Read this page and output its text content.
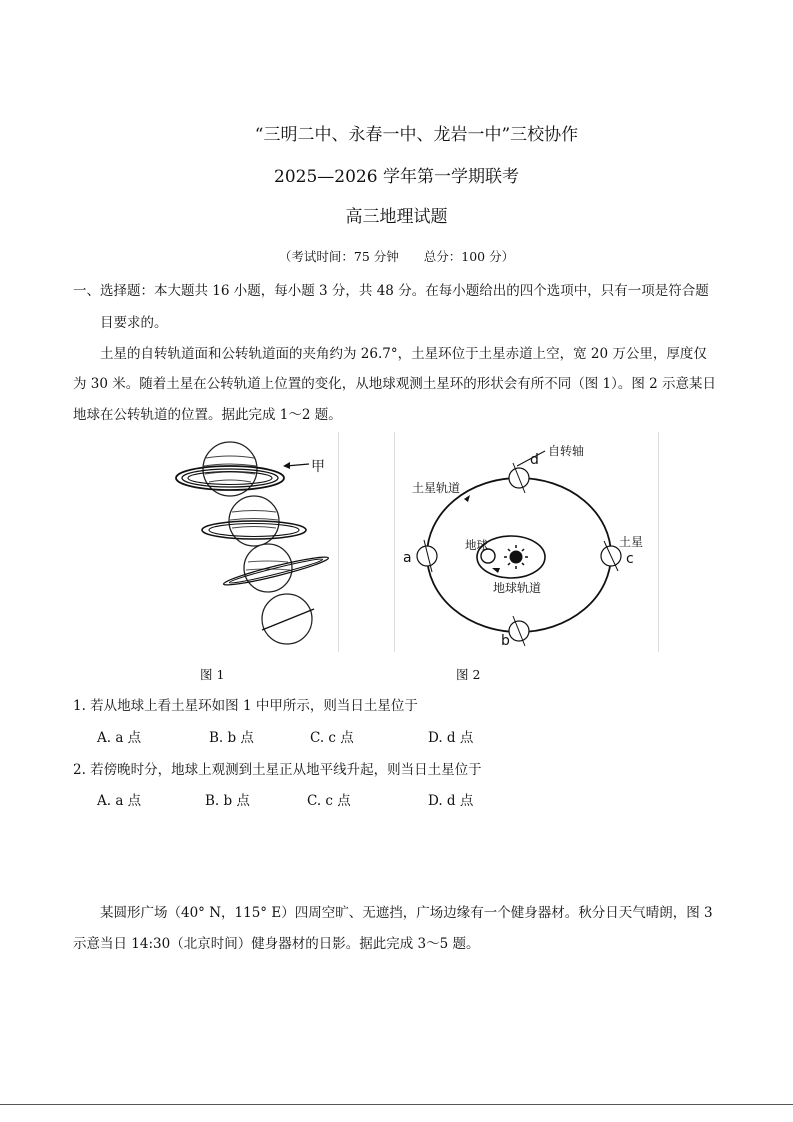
“三明二中、永春一中、龙岩一中”三校协作
2025—2026 学年第一学期联考
高三地理试题
（考试时间：75 分钟　　总分：100 分）
一、选择题：本大题共 16 小题，每小题 3 分，共 48 分。在每小题给出的四个选项中，只有一项是符合题
目要求的。
土星的自转轨道面和公转轨道面的夹角约为 26.7°，土星环位于土星赤道上空，宽 20 万公里，厚度仅
为 30 米。随着土星在公转轨道上位置的变化，从地球观测土星环的形状会有所不同（图 1）。图 2 示意某日
地球在公转轨道的位置。据此完成 1～2 题。
甲
自转轴
d
土星轨道
地球
地球轨道
土星
a	c
b
图 1	图 2
1. 若从地球上看土星环如图 1 中甲所示，则当日土星位于
A. a 点	B. b 点	C. c 点	D. d 点
2. 若傍晚时分，地球上观测到土星正从地平线升起，则当日土星位于
A. a 点	B. b 点	C. c 点	D. d 点
某圆形广场（40° N，115° E）四周空旷、无遮挡，广场边缘有一个健身器材。秋分日天气晴朗，图 3
示意当日 14:30（北京时间）健身器材的日影。据此完成 3～5 题。
